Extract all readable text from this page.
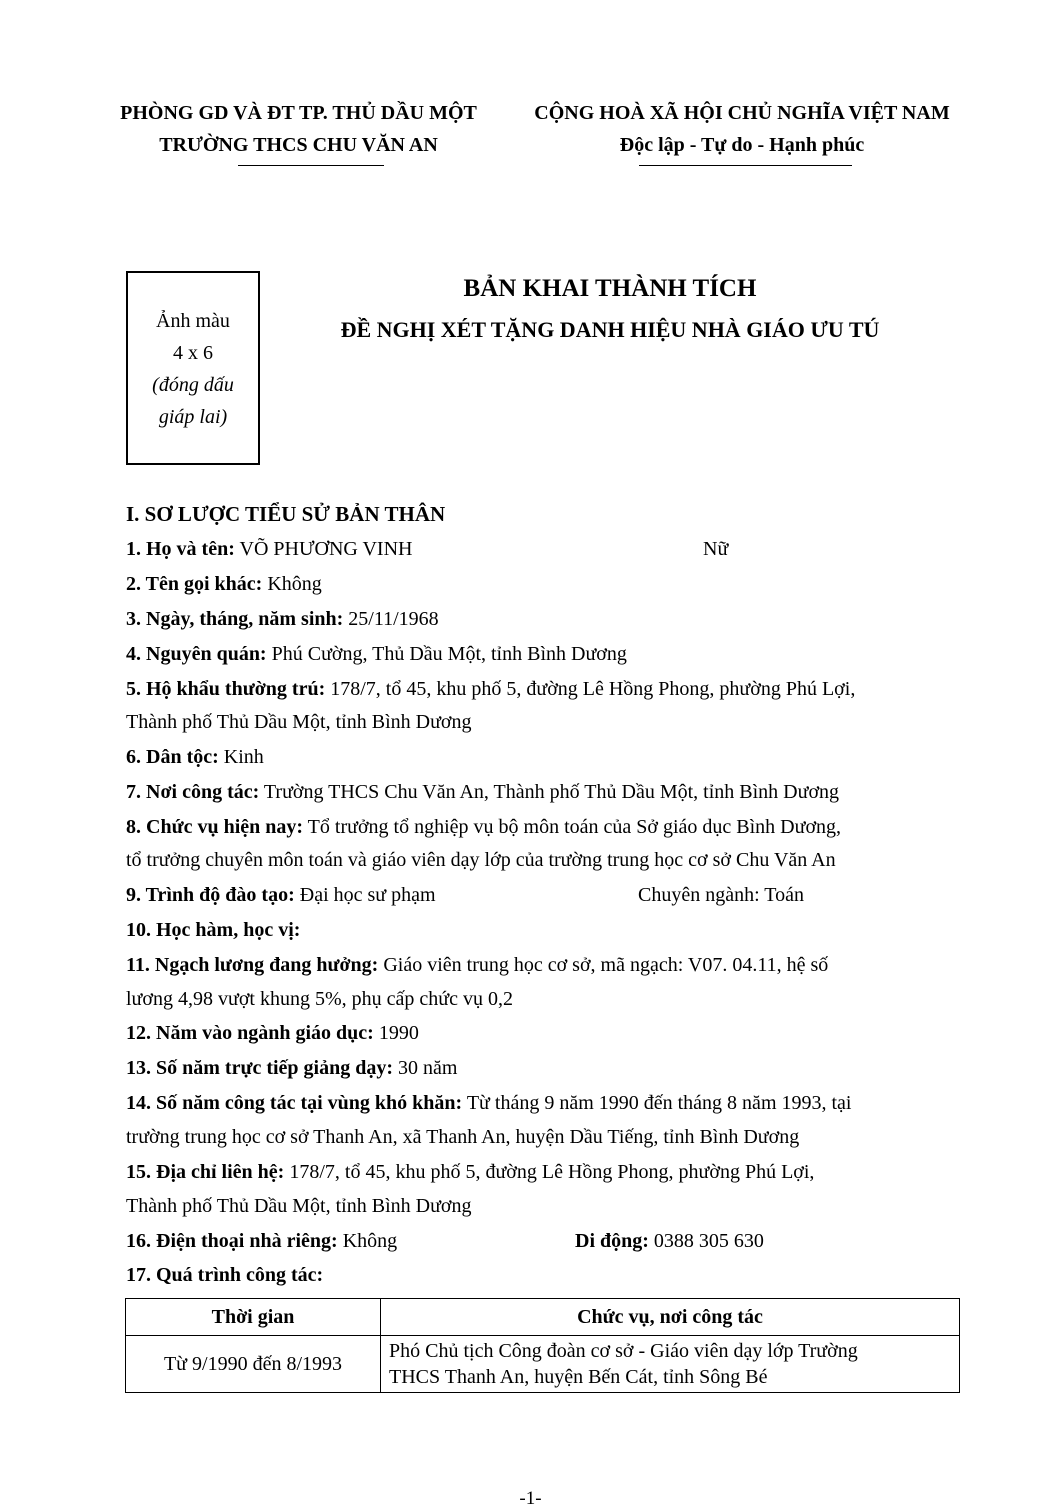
PHÒNG GD VÀ ĐT TP. THỦ DẦU MỘT
TRƯỜNG THCS CHU VĂN AN
CỘNG HOÀ XÃ HỘI CHỦ NGHĨA VIỆT NAM
Độc lập - Tự do - Hạnh phúc
Ảnh màu
4 x 6
(đóng dấu
giáp lai)
BẢN KHAI THÀNH TÍCH
ĐỀ NGHỊ XÉT TẶNG DANH HIỆU NHÀ GIÁO ƯU TÚ
I. SƠ LƯỢC TIỂU SỬ BẢN THÂN
1. Họ và tên: VÕ PHƯƠNG VINH	Nữ
2. Tên gọi khác: Không
3. Ngày, tháng, năm sinh: 25/11/1968
4. Nguyên quán: Phú Cường, Thủ Dầu Một, tỉnh Bình Dương
5. Hộ khẩu thường trú: 178/7, tổ 45, khu phố 5, đường Lê Hồng Phong, phường Phú Lợi,
Thành phố Thủ Dầu Một, tỉnh Bình Dương
6. Dân tộc: Kinh
7. Nơi công tác: Trường THCS Chu Văn An, Thành phố Thủ Dầu Một, tỉnh Bình Dương
8. Chức vụ hiện nay: Tổ trưởng tổ nghiệp vụ bộ môn toán của Sở giáo dục Bình Dương,
tổ trưởng chuyên môn toán và giáo viên dạy lớp của trường trung học cơ sở Chu Văn An
9. Trình độ đào tạo: Đại học sư phạm	Chuyên ngành: Toán
10. Học hàm, học vị:
11. Ngạch lương đang hưởng: Giáo viên trung học cơ sở, mã ngạch: V07. 04.11, hệ số
lương 4,98 vượt khung 5%, phụ cấp chức vụ 0,2
12. Năm vào ngành giáo dục: 1990
13. Số năm trực tiếp giảng dạy: 30 năm
14. Số năm công tác tại vùng khó khăn: Từ tháng 9 năm 1990 đến tháng 8 năm 1993, tại
trường trung học cơ sở Thanh An, xã Thanh An, huyện Dầu Tiếng, tỉnh Bình Dương
15. Địa chỉ liên hệ: 178/7, tổ 45, khu phố 5, đường Lê Hồng Phong, phường Phú Lợi,
Thành phố Thủ Dầu Một, tỉnh Bình Dương
16. Điện thoại nhà riêng: Không	Di động: 0388 305 630
17. Quá trình công tác:
Thời gian	Chức vụ, nơi công tác
Từ 9/1990 đến 8/1993	Phó Chủ tịch Công đoàn cơ sở - Giáo viên dạy lớp Trường
THCS Thanh An, huyện Bến Cát, tỉnh Sông Bé
-1-
